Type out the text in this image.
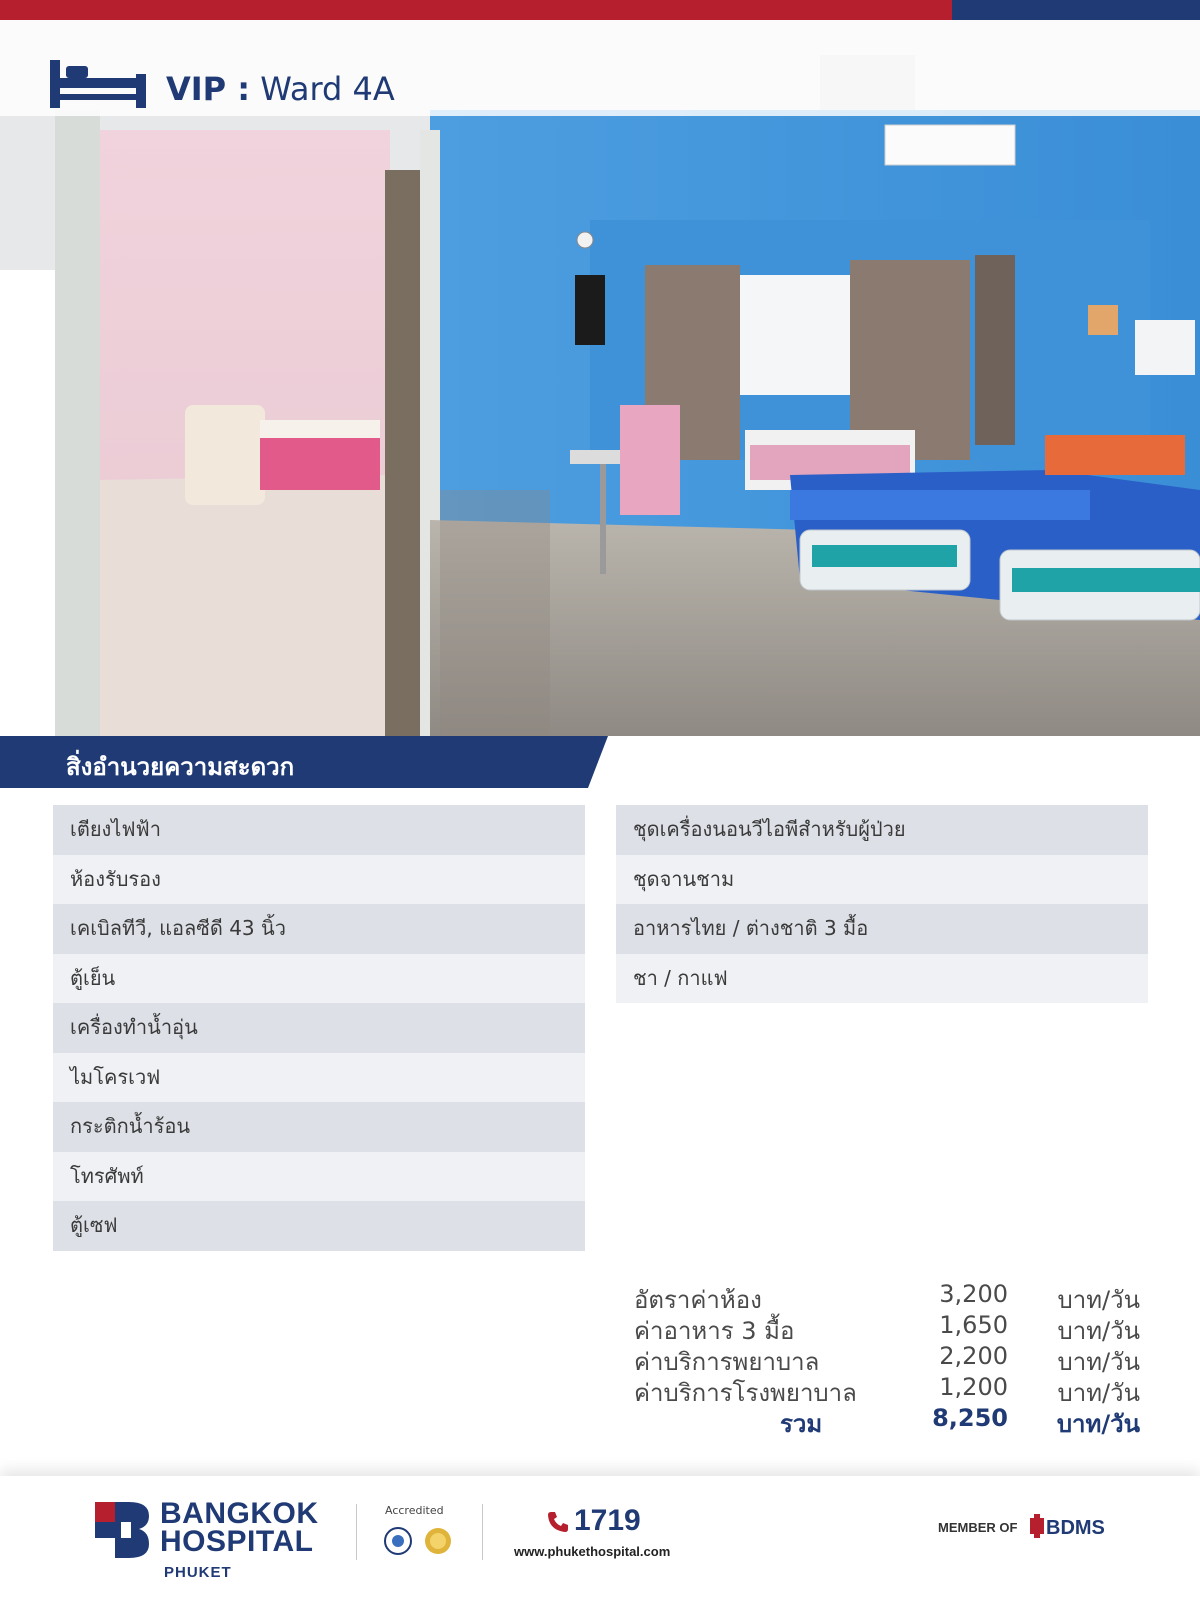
VIP : Ward 4A
สิ่งอำนวยความสะดวก
เตียงไฟฟ้า
ห้องรับรอง
เคเบิลทีวี, แอลซีดี 43 นิ้ว
ตู้เย็น
เครื่องทำน้ำอุ่น
ไมโครเวฟ
กระติกน้ำร้อน
โทรศัพท์
ตู้เซฟ
ชุดเครื่องนอนวีไอพีสำหรับผู้ป่วย
ชุดจานชาม
อาหารไทย / ต่างชาติ 3 มื้อ
ชา / กาแฟ
อัตราค่าห้อง	3,200 บาท/วัน
ค่าอาหาร 3 มื้อ	1,650 บาท/วัน
ค่าบริการพยาบาล	2,200 บาท/วัน
ค่าบริการโรงพยาบาล	1,200 บาท/วัน
รวม	8,250 บาท/วัน
BANGKOK
HOSPITAL
PHUKET
Accredited	1719
www.phukethospital.com
MEMBER OF BDMS
